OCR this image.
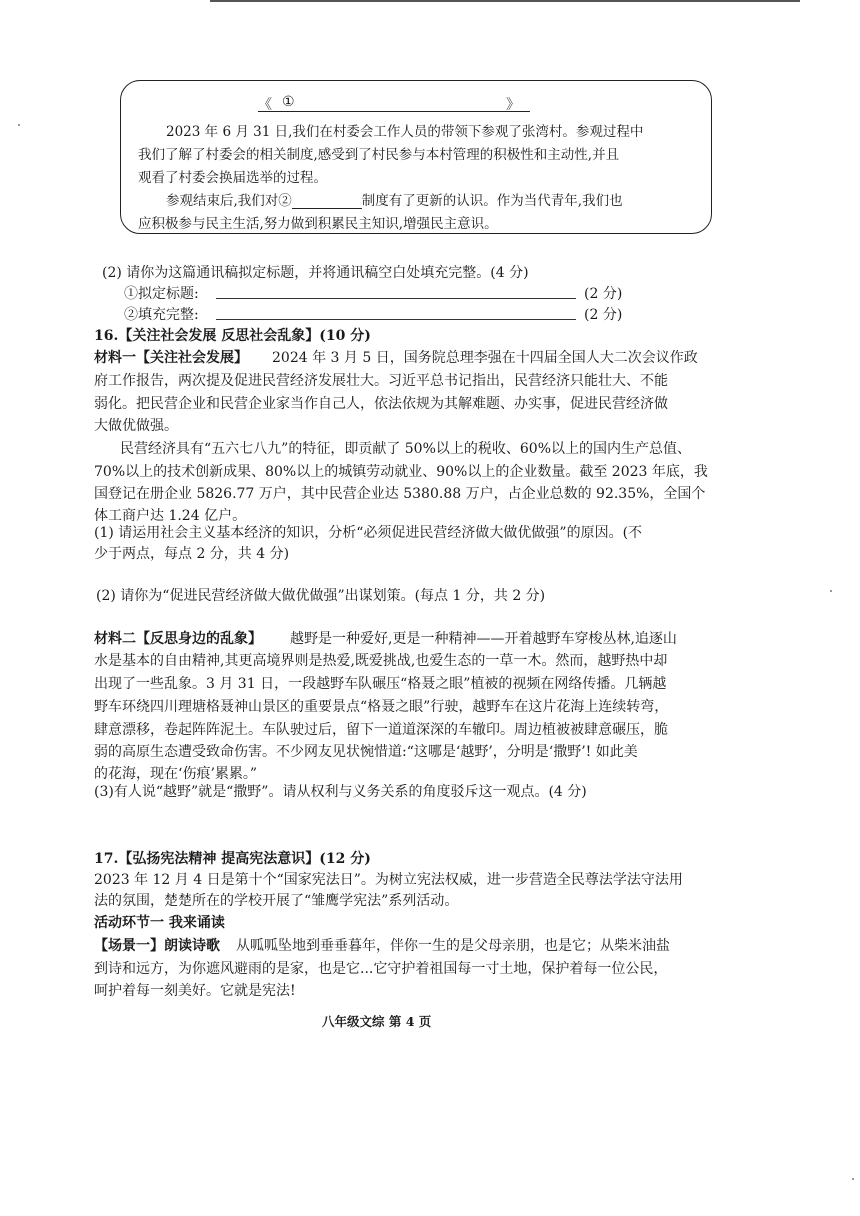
《 ①	》
2023 年 6 月 31 日,我们在村委会工作人员的带领下参观了张湾村。参观过程中
我们了解了村委会的相关制度,感受到了村民参与本村管理的积极性和主动性,并且
观看了村委会换届选举的过程。
参观结束后,我们对②	制度有了更新的认识。作为当代青年,我们也
应积极参与民主生活,努力做到积累民主知识,增强民主意识。
(2) 请你为这篇通讯稿拟定标题，并将通讯稿空白处填充完整。(4 分)
①拟定标题:	(2 分)
②填充完整:	(2 分)
16.【关注社会发展 反思社会乱象】(10 分)
材料一【关注社会发展】 2024 年 3 月 5 日，国务院总理李强在十四届全国人大二次会议作政
府工作报告，两次提及促进民营经济发展壮大。习近平总书记指出，民营经济只能壮大、不能
弱化。把民营企业和民营企业家当作自己人，依法依规为其解难题、办实事，促进民营经济做
大做优做强。
民营经济具有“五六七八九”的特征，即贡献了 50%以上的税收、60%以上的国内生产总值、
70%以上的技术创新成果、80%以上的城镇劳动就业、90%以上的企业数量。截至 2023 年底，我
国登记在册企业 5826.77 万户，其中民营企业达 5380.88 万户，占企业总数的 92.35%，全国个
体工商户达 1.24 亿户。
(1) 请运用社会主义基本经济的知识，分析“必须促进民营经济做大做优做强”的原因。(不
少于两点，每点 2 分，共 4 分)
(2) 请你为“促进民营经济做大做优做强”出谋划策。(每点 1 分，共 2 分)
材料二【反思身边的乱象】 越野是一种爱好,更是一种精神——开着越野车穿梭丛林,追逐山
水是基本的自由精神,其更高境界则是热爱,既爱挑战,也爱生态的一草一木。然而，越野热中却
出现了一些乱象。3 月 31 日，一段越野车队碾压“格聂之眼”植被的视频在网络传播。几辆越
野车环绕四川理塘格聂神山景区的重要景点“格聂之眼”行驶，越野车在这片花海上连续转弯，
肆意漂移，卷起阵阵泥土。车队驶过后，留下一道道深深的车辙印。周边植被被肆意碾压，脆
弱的高原生态遭受致命伤害。不少网友见状惋惜道:“这哪是‘越野’，分明是‘撒野’! 如此美
的花海，现在‘伤痕’累累。”
(3)有人说“越野”就是“撒野”。请从权利与义务关系的角度驳斥这一观点。(4 分)
17.【弘扬宪法精神 提高宪法意识】(12 分)
2023 年 12 月 4 日是第十个“国家宪法日”。为树立宪法权威，进一步营造全民尊法学法守法用
法的氛围，楚楚所在的学校开展了“雏鹰学宪法”系列活动。
活动环节一 我来诵读
【场景一】朗读诗歌 从呱呱坠地到垂垂暮年，伴你一生的是父母亲朋，也是它；从柴米油盐
到诗和远方，为你遮风避雨的是家，也是它...它守护着祖国每一寸土地，保护着每一位公民，
呵护着每一刻美好。它就是宪法!
八年级文综 第 4 页
